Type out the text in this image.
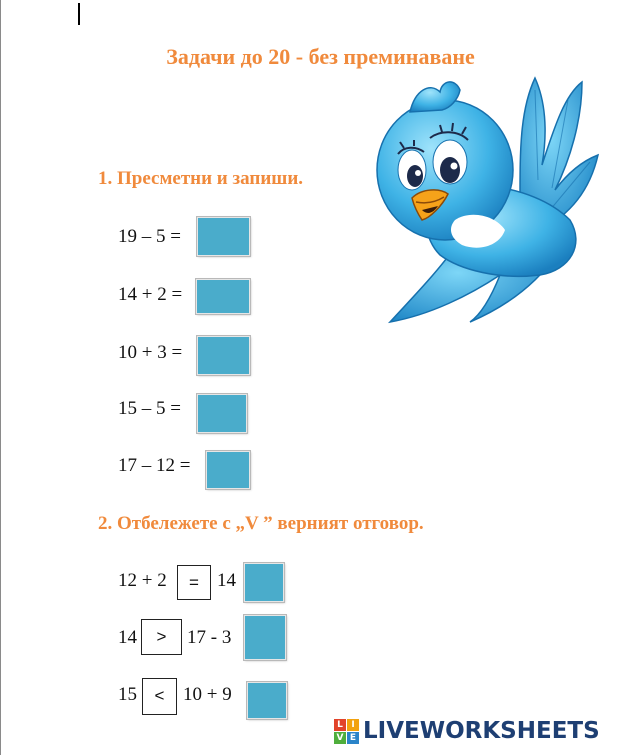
Задачи до 20 - без преминаване
1. Пресметни и запиши.
19 – 5 =
14 + 2 =
10 + 3 =
15 – 5 =
17 – 12 =
2. Отбележете с „V ” верният отговор.
12 + 2	= 14
14	>	17 - 3
15	< 10 + 9
L I
V E LIVEWORKSHEETS
